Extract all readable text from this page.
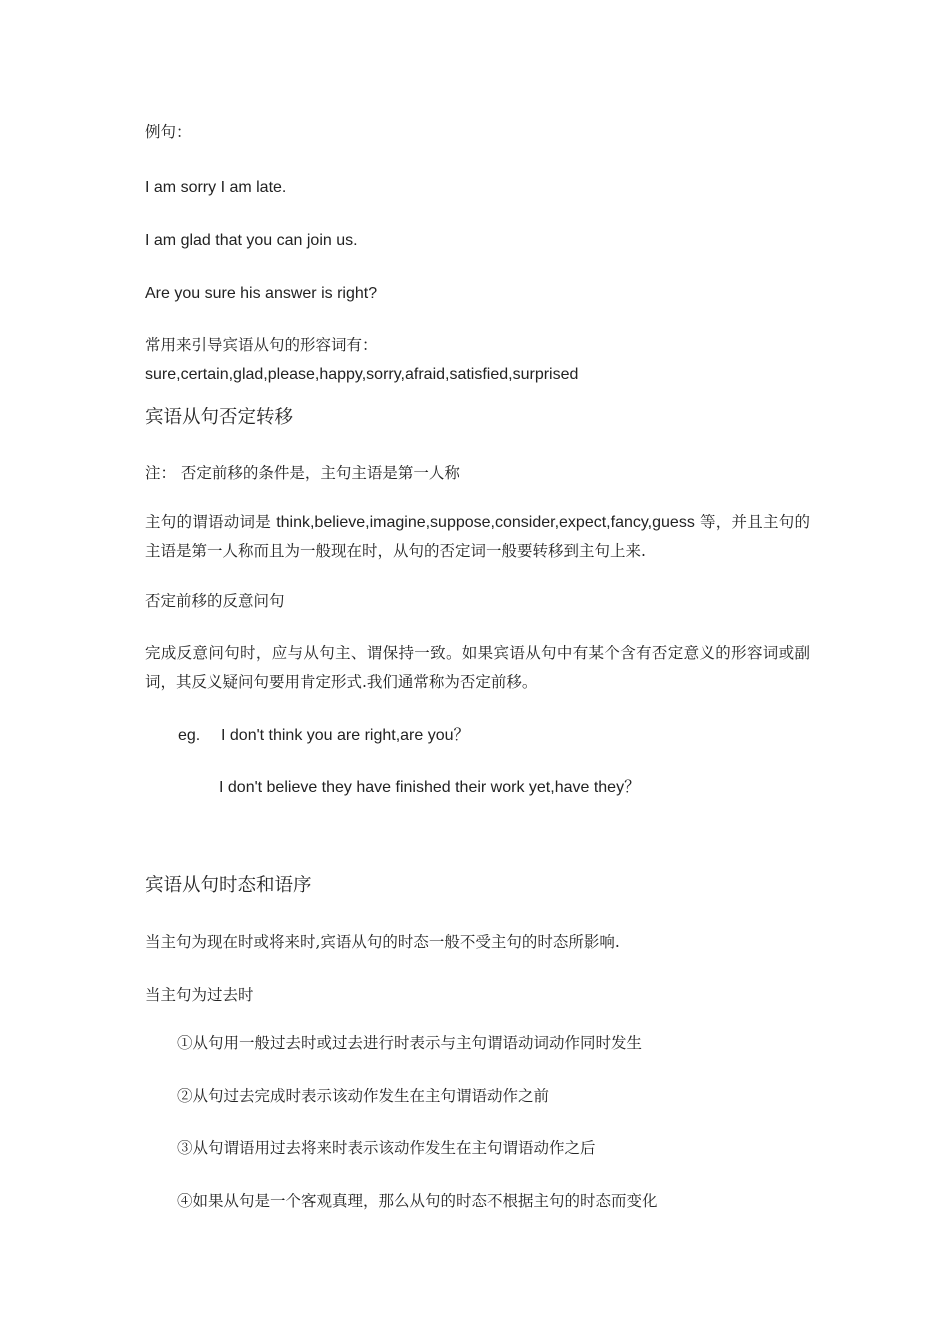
例句：
I am sorry I am late.
I am glad that you can join us.
Are you sure his answer is right?
常用来引导宾语从句的形容词有：
sure,certain,glad,please,happy,sorry,afraid,satisfied,surprised
宾语从句否定转移
注： 否定前移的条件是，主句主语是第一人称
主句的谓语动词是 think,believe,imagine,suppose,consider,expect,fancy,guess 等，并且主句的主语是第一人称而且为一般现在时，从句的否定词一般要转移到主句上来.
否定前移的反意问句
完成反意问句时，应与从句主、谓保持一致。如果宾语从句中有某个含有否定意义的形容词或副词，其反义疑问句要用肯定形式.我们通常称为否定前移。
eg. I don't think you are right,are you？
I don't believe they have finished their work yet,have they？
宾语从句时态和语序
当主句为现在时或将来时,宾语从句的时态一般不受主句的时态所影响.
当主句为过去时
①从句用一般过去时或过去进行时表示与主句谓语动词动作同时发生
②从句过去完成时表示该动作发生在主句谓语动作之前
③从句谓语用过去将来时表示该动作发生在主句谓语动作之后
④如果从句是一个客观真理，那么从句的时态不根据主句的时态而变化
